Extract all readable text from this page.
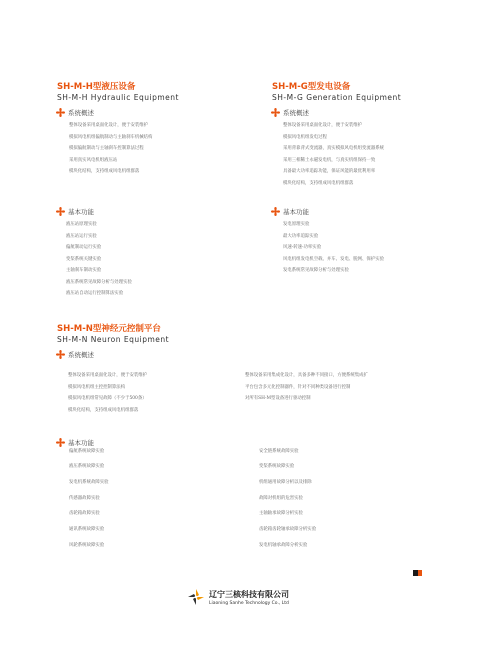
SH-M-H型液压设备
SH-M-H Hydraulic Equipment
系统概述
整体设备采用桌面化设计，便于安装维护
模拟风电机组偏航制动与主轴刹车机械结构
模拟偏航制动与主轴刹车控制算法过程
采用真实风电机组液压站
模块化结构，支持组成风电机组群落
基本功能
液压站原理实验
液压站运行实验
偏航制动运行实验
变桨系统关键实验
主轴刹车制动实验
液压系统常见故障分析与处理实验
液压站自动运行控制算法实验
SH-M-G型发电设备
SH-M-G Generation Equipment
系统概述
整体设备采用桌面化设计，便于安装维护
模拟风电机组发电过程
采用背靠背式变流器，真实模拟风电机组变流器系统
采用三相稀土永磁发电机，与真实机组保持一致
具备最大功率追踪功能，保证风能的最优利用率
模块化结构，支持组成风电机组群落
基本功能
发电原理实验
最大功率追踪实验
风速-转速-功率实验
风电机组发电机空载、并车、发电、脱网、保护实验
发电系统常见故障分析与处理实验
SH-M-N型神经元控制平台
SH-M-N Neuron Equipment
系统概述
整体设备采用桌面化设计，便于安装维护
模拟风电机组主控控制算法构
模拟风电机组常见故障（不少于500条）
模块化结构，支持组成风电机组群落
整体设备采用集成化设计，具备多种不同接口，方便系统集成扩
平台包含多元化控制器件，针对不同种类设备进行控制
对所有SH-M型设备进行驱动控制
基本功能
偏航系统故障实验
液压系统故障实验
发电机系统故障实验
传感器故障实验
齿轮箱故障实验
通讯系统故障实验
风轮系统故障实验
安全链系统故障实验
变桨系统故障实验
机组通用故障分析以及排除
故障对机组的危害实验
主轴轴承故障分析实验
齿轮箱齿轮轴承故障分析实验
发电机轴承故障分析实验
辽宁三核科技有限公司
Liaoning Sanhe Technology Co., Ltd
